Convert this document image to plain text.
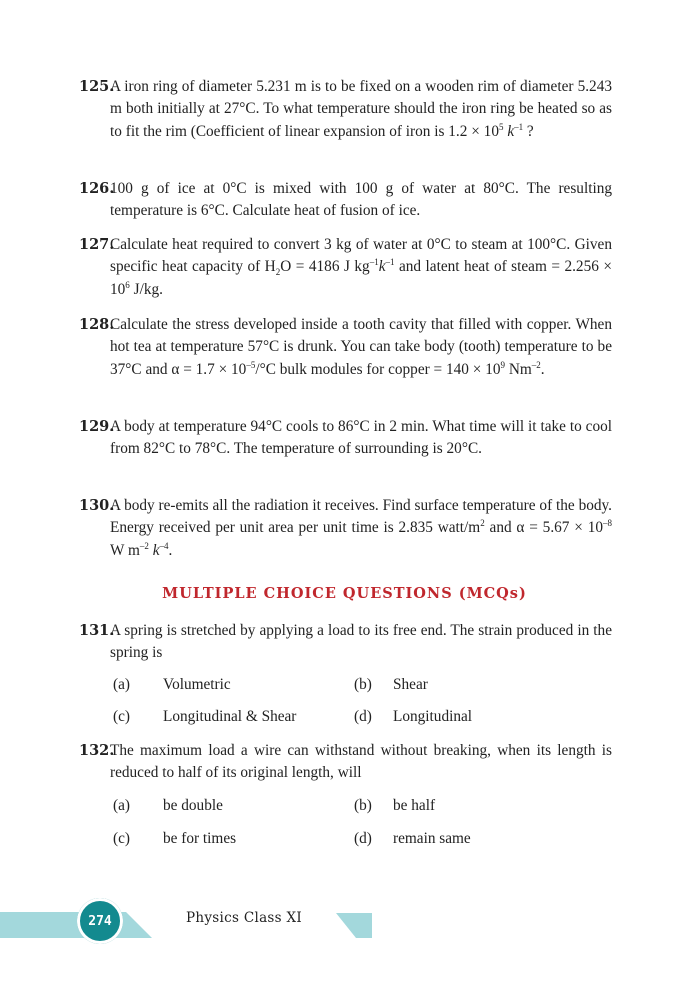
125.
A iron ring of diameter 5.231 m is to be fixed on a wooden rim of diameter 5.243 m both initially at 27°C. To what temperature should the iron ring be heated so as to fit the rim (Coefficient of linear expansion of iron is $1.2 \times 10^5$ $k^{-1}$ ?
126.
100 g of ice at 0°C is mixed with 100 g of water at 80°C. The resulting temperature is 6°C. Calculate heat of fusion of ice.
127.
Calculate heat required to convert 3 kg of water at 0°C to steam at 100°C. Given specific heat capacity of $H_2O = 4186$ J $kg^{-1}k^{-1}$ and latent heat of steam = $2.256 \times 10^6$ J/kg.
128.
Calculate the stress developed inside a tooth cavity that filled with copper. When hot tea at temperature 57°C is drunk. You can take body (tooth) temperature to be 37°C and $\alpha = 1.7 \times 10^{-5}/^\circ C$ bulk modules for copper = $140 \times 10^9$ $Nm^{-2}$.
129.
A body at temperature 94°C cools to 86°C in 2 min. What time will it take to cool from 82°C to 78°C. The temperature of surrounding is 20°C.
130.
A body re-emits all the radiation it receives. Find surface temperature of the body. Energy received per unit area per unit time is 2.835 watt/$m^2$ and $\alpha = 5.67 \times 10^{-8}$ W $m^{-2}$ $k^{-4}$.
MULTIPLE CHOICE QUESTIONS (MCQs)
131.
A spring is stretched by applying a load to its free end. The strain produced in the spring is
(a) Volumetric	(b) Shear
(c) Longitudinal & Shear	(d) Longitudinal
132.
The maximum load a wire can withstand without breaking, when its length is reduced to half of its original length, will
(a) be double	(b) be half
(c) be for times	(d) remain same
274	Physics Class XI
